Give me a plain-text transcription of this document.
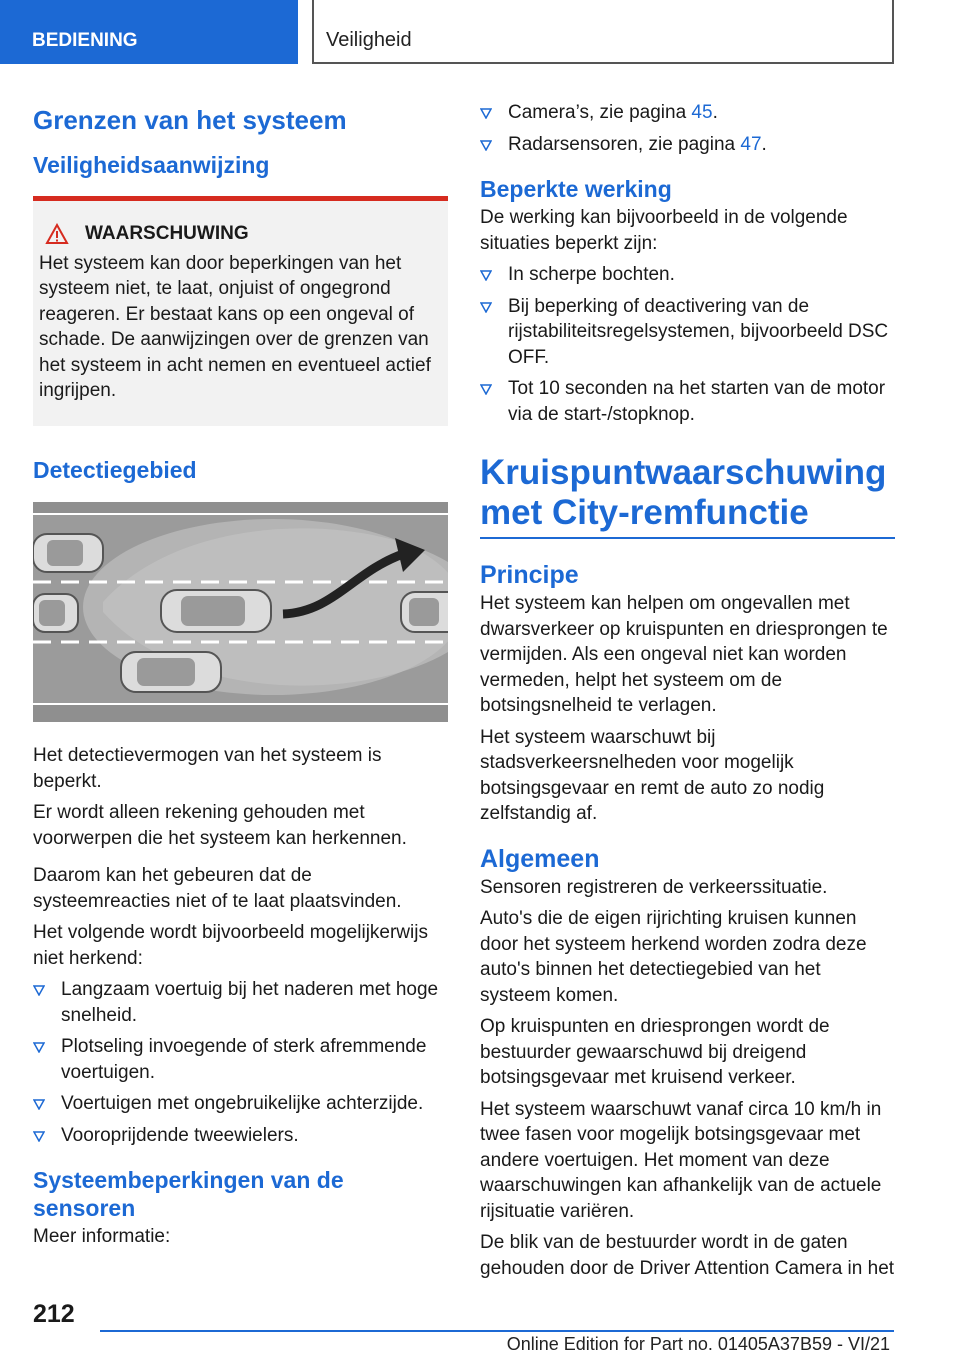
BEDIENING	Veiligheid
Grenzen van het systeem
Veiligheidsaanwijzing
WAARSCHUWING
Het systeem kan door beperkingen van het systeem niet, te laat, onjuist of ongegrond reageren. Er bestaat kans op een ongeval of schade. De aanwijzingen over de grenzen van het systeem in acht nemen en eventueel actief ingrijpen.
Detectiegebied

Het detectievermogen van het systeem is beperkt.

Er wordt alleen rekening gehouden met voorwerpen die het systeem kan herkennen.

Daarom kan het gebeuren dat de systeemreacties niet of te laat plaatsvinden.

Het volgende wordt bijvoorbeeld mogelijkerwijs niet herkend:

Langzaam voertuig bij het naderen met hoge snelheid.
Plotseling invoegende of sterk afremmende voertuigen.
Voertuigen met ongebruikelijke achterzijde.
Vooroprijdende tweewielers.
Systeembeperkingen van de sensoren

Meer informatie:

Camera’s, zie pagina 45.
Radarsensoren, zie pagina 47.
Beperkte werking

De werking kan bijvoorbeeld in de volgende situaties beperkt zijn:

In scherpe bochten.
Bij beperking of deactivering van de rijstabiliteitsregelsystemen, bijvoorbeeld DSC OFF.
Tot 10 seconden na het starten van de motor via de start-/stopknop.
Kruispuntwaarschuwing met City-remfunctie
Principe

Het systeem kan helpen om ongevallen met dwarsverkeer op kruispunten en driesprongen te vermijden. Als een ongeval niet kan worden vermeden, helpt het systeem om de botsingsnelheid te verlagen.

Het systeem waarschuwt bij stadsverkeersnelheden voor mogelijk botsingsgevaar en remt de auto zo nodig zelfstandig af.

Algemeen

Sensoren registreren de verkeerssituatie.

Auto's die de eigen rijrichting kruisen kunnen door het systeem herkend worden zodra deze auto's binnen het detectiegebied van het systeem komen.

Op kruispunten en driesprongen wordt de bestuurder gewaarschuwd bij dreigend botsingsgevaar met kruisend verkeer.

Het systeem waarschuwt vanaf circa 10 km/h in twee fasen voor mogelijk botsingsgevaar met andere voertuigen. Het moment van deze waarschuwingen kan afhankelijk van de actuele rijsituatie variëren.

De blik van de bestuurder wordt in de gaten gehouden door de Driver Attention Camera in het

212
Online Edition for Part no. 01405A37B59 - VI/21
